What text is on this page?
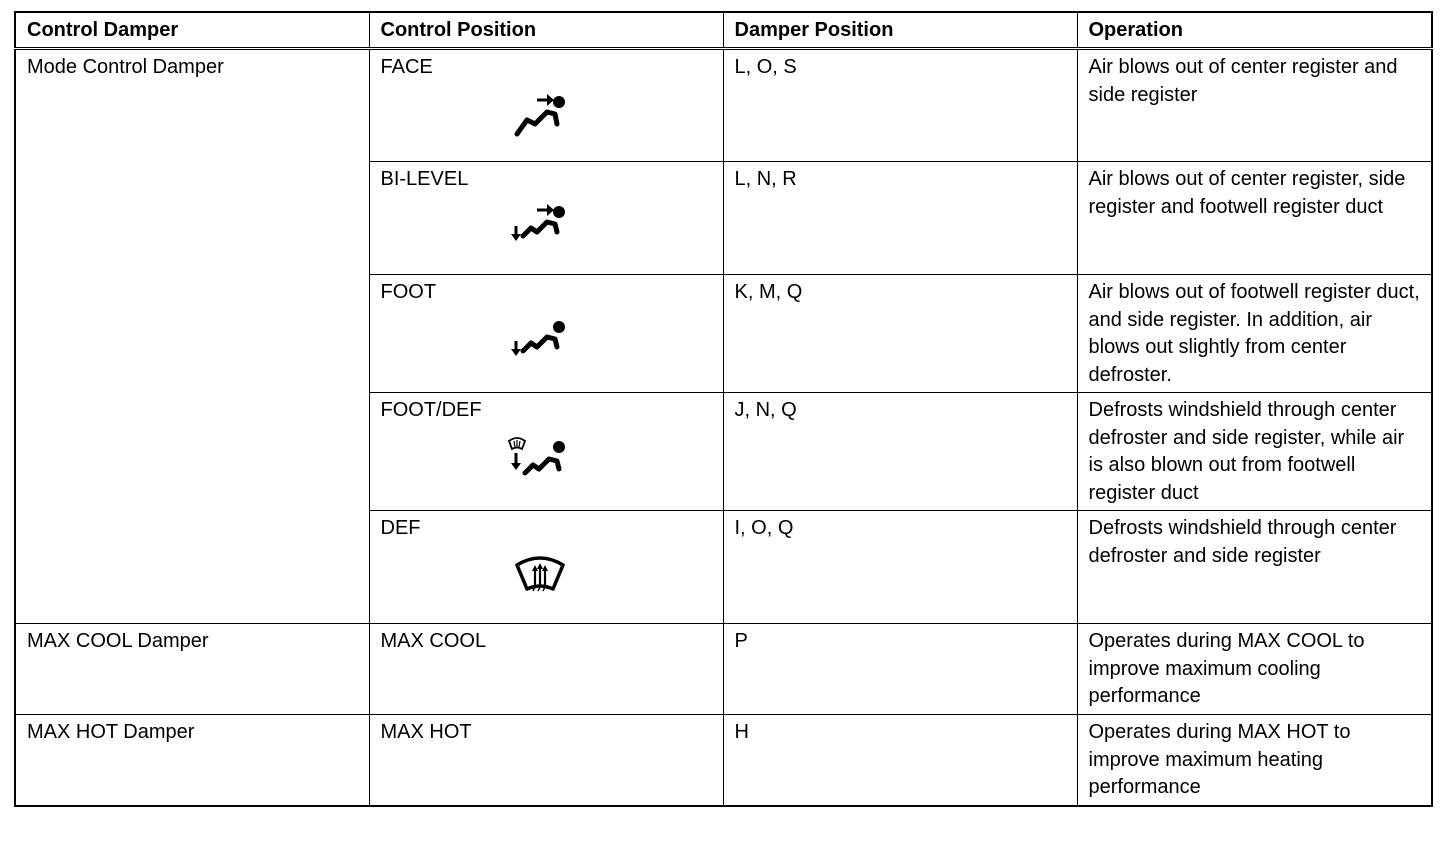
Control Damper	Control Position	Damper Position	Operation
Mode Control Damper	FACE	L, O, S	Air blows out of center register and side register
	BI-LEVEL	L, N, R	Air blows out of center register, side register and footwell register duct
	FOOT	K, M, Q	Air blows out of footwell register duct, and side register. In addition, air blows out slightly from center defroster.
	FOOT/DEF	J, N, Q	Defrosts windshield through center defroster and side register, while air is also blown out from footwell register duct
	DEF	I, O, Q	Defrosts windshield through center defroster and side register
MAX COOL Damper	MAX COOL	P	Operates during MAX COOL to improve maximum cooling performance
MAX HOT Damper	MAX HOT	H	Operates during MAX HOT to improve maximum heating performance
